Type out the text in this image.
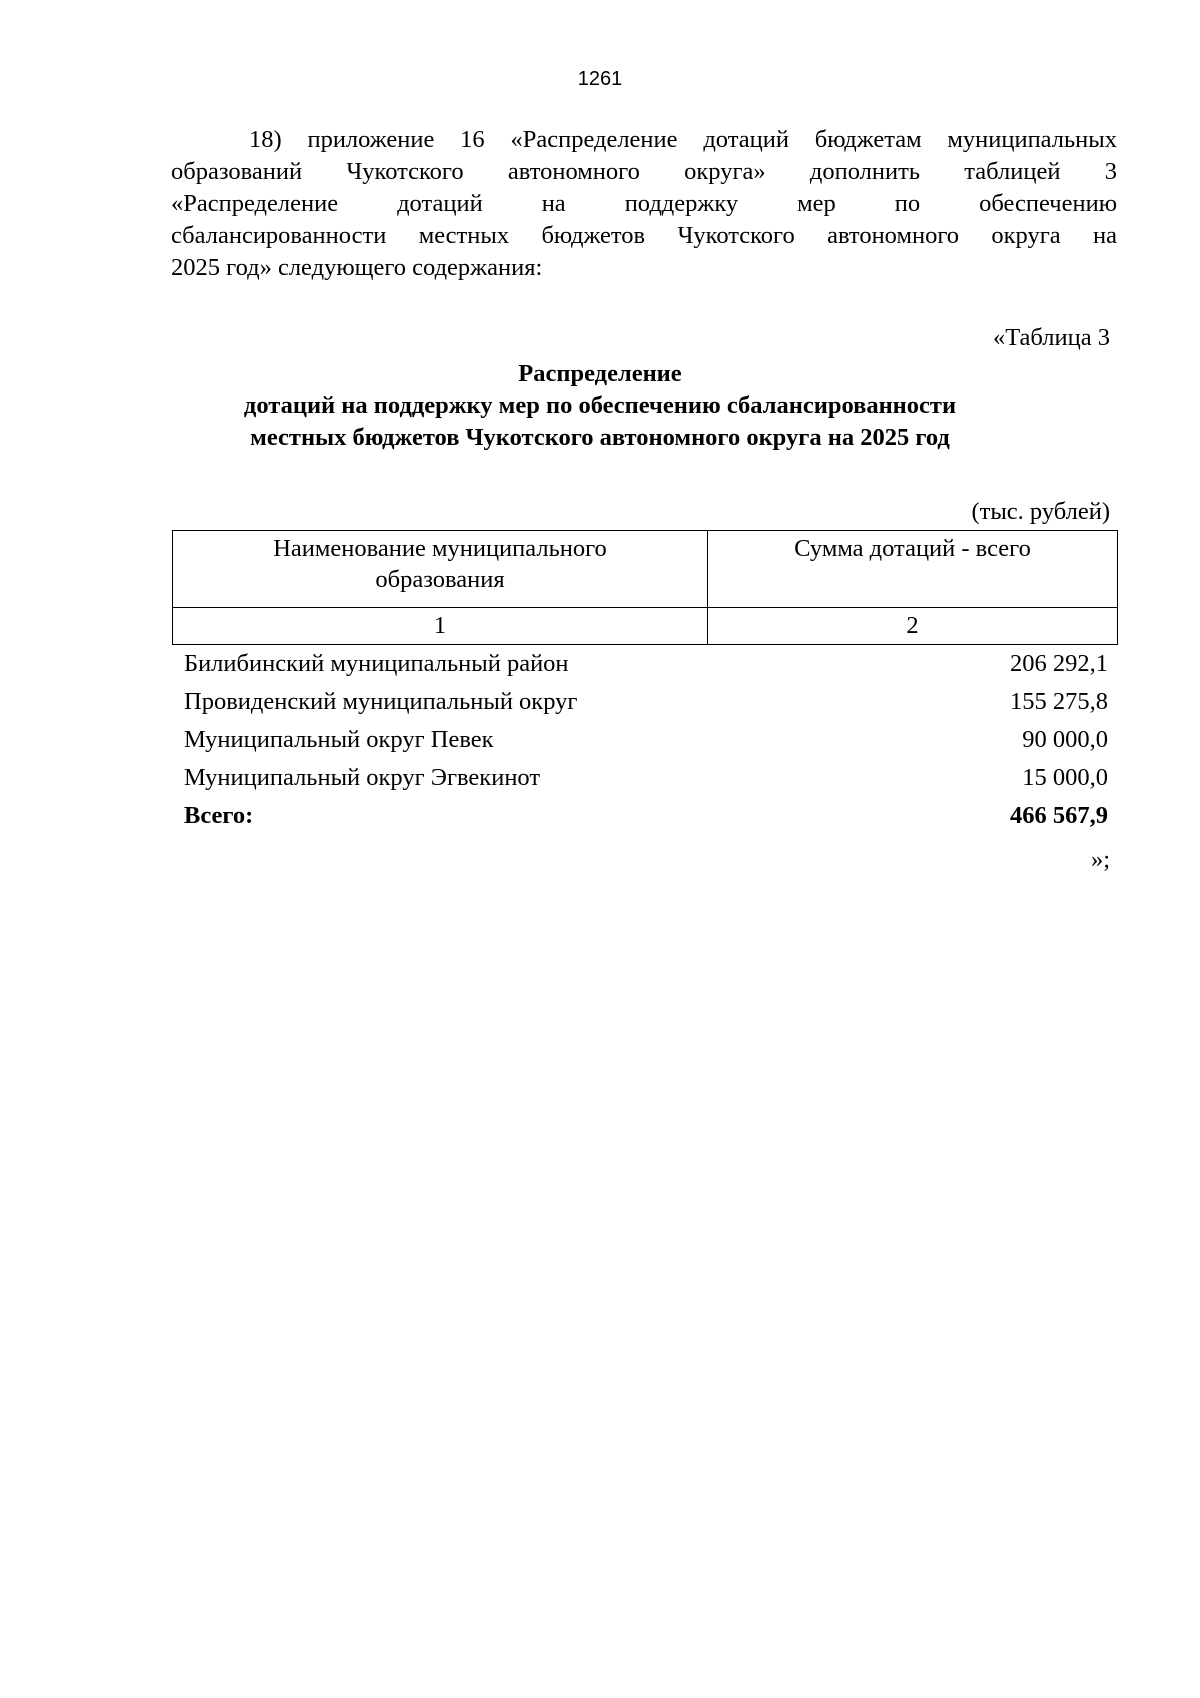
1261
18) приложение 16 «Распределение дотаций бюджетам муниципальных
образований Чукотского автономного округа» дополнить таблицей 3
«Распределение дотаций на поддержку мер по обеспечению
сбалансированности местных бюджетов Чукотского автономного округа на
2025 год» следующего содержания:
«Таблица 3
Распределение
дотаций на поддержку мер по обеспечению сбалансированности
местных бюджетов Чукотского автономного округа на 2025 год
(тыс. рублей)
Наименование муниципального образования	Сумма дотаций - всего
1	2
Билибинский муниципальный район	206 292,1
Провиденский муниципальный округ	155 275,8
Муниципальный округ Певек	90 000,0
Муниципальный округ Эгвекинот	15 000,0
Всего:	466 567,9
»;
